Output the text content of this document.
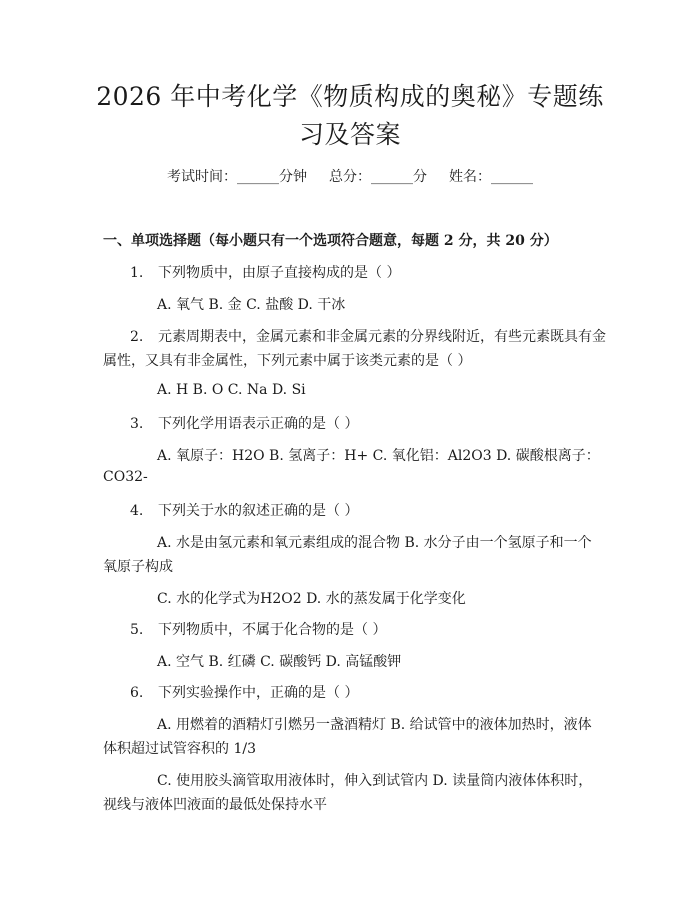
2026 年中考化学《物质构成的奥秘》专题练
习及答案
考试时间：______分钟 总分：______分 姓名：______
一、单项选择题（每小题只有一个选项符合题意，每题 2 分，共 20 分）
1. 下列物质中，由原子直接构成的是（ ）
A. 氧气 B. 金 C. 盐酸 D. 干冰
2. 元素周期表中，金属元素和非金属元素的分界线附近，有些元素既具有金
属性，又具有非金属性，下列元素中属于该类元素的是（ ）
A. H B. O C. Na D. Si
3. 下列化学用语表示正确的是（ ）
A. 氧原子：H2O B. 氢离子：H+ C. 氧化铝：Al2O3 D. 碳酸根离子：
CO32-
4. 下列关于水的叙述正确的是（ ）
A. 水是由氢元素和氧元素组成的混合物 B. 水分子由一个氢原子和一个
氧原子构成
C. 水的化学式为H2O2 D. 水的蒸发属于化学变化
5. 下列物质中，不属于化合物的是（ ）
A. 空气 B. 红磷 C. 碳酸钙 D. 高锰酸钾
6. 下列实验操作中，正确的是（ ）
A. 用燃着的酒精灯引燃另一盏酒精灯 B. 给试管中的液体加热时，液体
体积超过试管容积的 1/3
C. 使用胶头滴管取用液体时，伸入到试管内 D. 读量筒内液体体积时，
视线与液体凹液面的最低处保持水平
